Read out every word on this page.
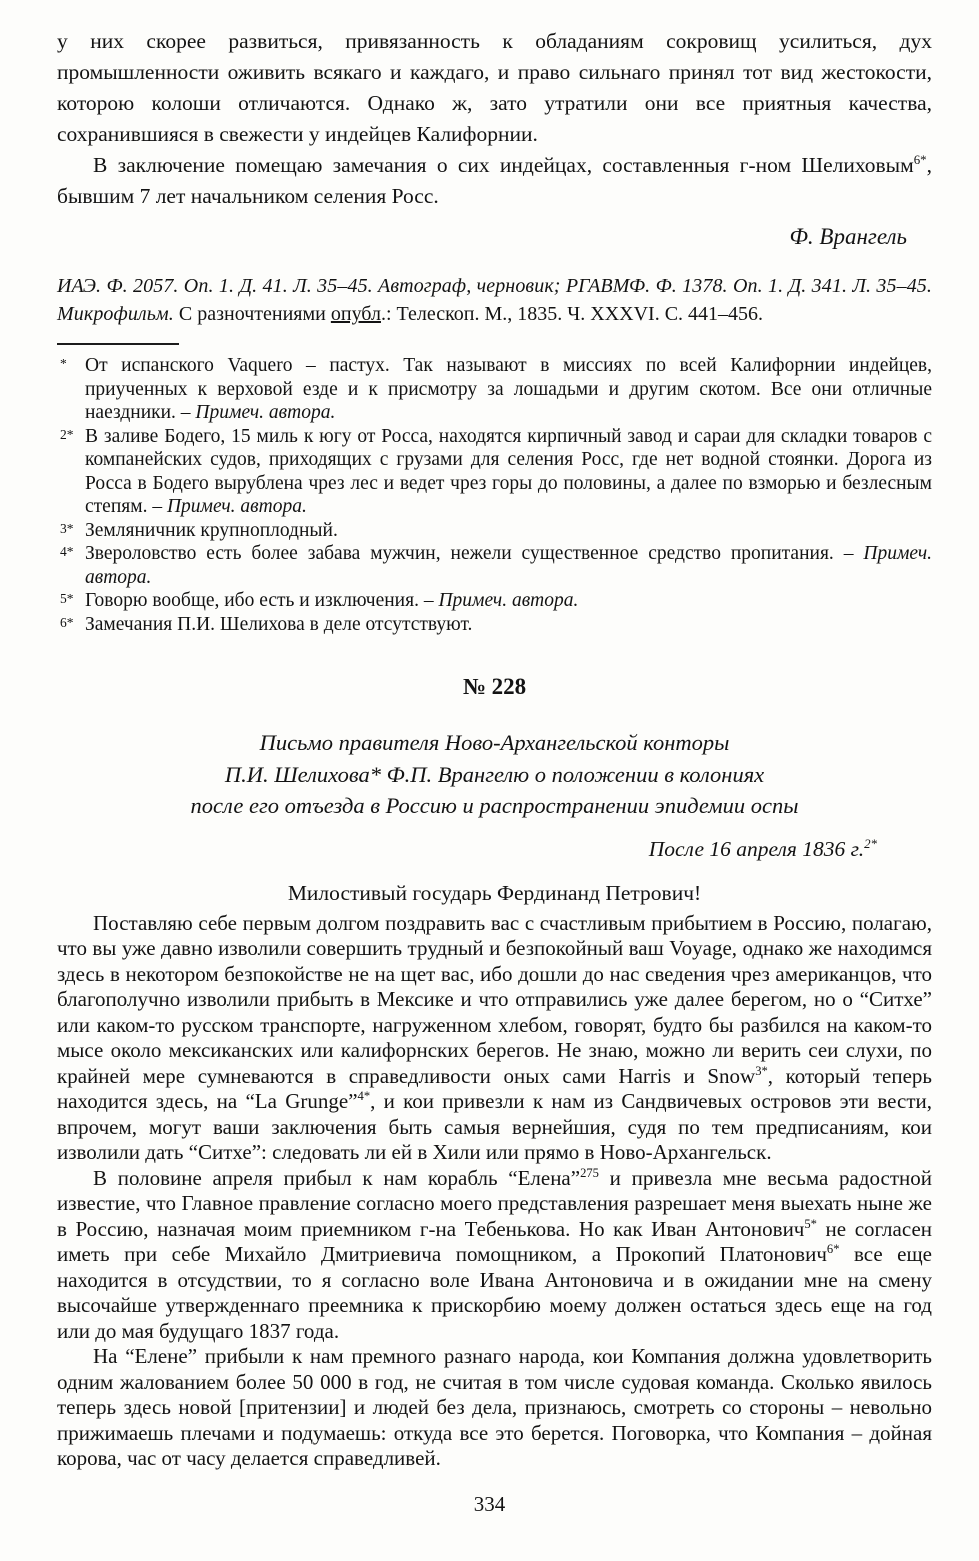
у них скорее развиться, привязанность к обладаниям сокровищ усилиться, дух промышленности оживить всякаго и каждаго, и право сильнаго принял тот вид жестокости, которою колоши отличаются. Однако ж, зато утратили они все приятныя качества, сохранившияся в свежести у индейцев Калифорнии.

В заключение помещаю замечания о сих индейцах, составленныя г-ном Шелиховым$^{6*}$, бывшим 7 лет начальником селения Росс.

Ф. Врангель
ИАЭ. Ф. 2057. Оп. 1. Д. 41. Л. 35–45. Автограф, черновик; РГАВМФ. Ф. 1378. Оп. 1. Д. 341. Л. 35–45. Микрофильм. С разночтениями опубл.: Телескоп. М., 1835. Ч. XXXVI. С. 441–456.
* От испанского Vaquero – пастух. Так называют в миссиях по всей Калифорнии индейцев, приученных к верховой езде и к присмотру за лошадьми и другим скотом. Все они отличные наездники. – Примеч. автора.
2* В заливе Бодего, 15 миль к югу от Росса, находятся кирпичный завод и сараи для складки товаров с компанейских судов, приходящих с грузами для селения Росс, где нет водной стоянки. Дорога из Росса в Бодего вырублена чрез лес и ведет чрез горы до половины, а далее по взморью и безлесным степям. – Примеч. автора.
3* Земляничник крупноплодный.
4* Звероловство есть более забава мужчин, нежели существенное средство пропитания. – Примеч. автора.
5* Говорю вообще, ибо есть и изключения. – Примеч. автора.
6* Замечания П.И. Шелихова в деле отсутствуют.
№ 228
Письмо правителя Ново-Архангельской конторы
П.И. Шелихова* Ф.П. Врангелю о положении в колониях
после его отъезда в Россию и распространении эпидемии оспы
После 16 апреля 1836 г.$^{2*}$
Милостивый государь Фердинанд Петрович!

Поставляю себе первым долгом поздравить вас с счастливым прибытием в Россию, полагаю, что вы уже давно изволили совершить трудный и безпокойный ваш Voyage, однако же находимся здесь в некотором безпокойстве не на щет вас, ибо дошли до нас сведения чрез американцов, что благополучно изволили прибыть в Мексике и что отправились уже далее берегом, но о “Ситхе” или каком-то русском транспорте, нагруженном хлебом, говорят, будто бы разбился на каком-то мысе около мексиканских или калифорнских берегов. Не знаю, можно ли верить сеи слухи, по крайней мере сумневаются в справедливости оных сами Harris и Snow$^{3*}$, который теперь находится здесь, на “La Grunge”$^{4*}$, и кои привезли к нам из Сандвичевых островов эти вести, впрочем, могут ваши заключения быть самыя вернейшия, судя по тем предписаниям, кои изволили дать “Ситхе”: следовать ли ей в Хили или прямо в Ново-Архангельск.

В половине апреля прибыл к нам корабль “Елена”$^{275}$ и привезла мне весьма радостной известие, что Главное правление согласно моего представления разрешает меня выехать ныне же в Россию, назначая моим приемником г-на Тебенькова. Но как Иван Антонович$^{5*}$ не согласен иметь при себе Михайло Дмитриевича помощником, а Прокопий Платонович$^{6*}$ все еще находится в отсудствии, то я согласно воле Ивана Антоновича и в ожидании мне на смену высочайше утвержденнаго преемника к прискорбию моему должен остаться здесь еще на год или до мая будущаго 1837 года.

На “Елене” прибыли к нам премного разнаго народа, кои Компания должна удовлетворить одним жалованием более 50 000 в год, не считая в том числе судовая команда. Сколько явилось теперь здесь новой [притензии] и людей без дела, признаюсь, смотреть со стороны – невольно прижимаешь плечами и подумаешь: откуда все это берется. Поговорка, что Компания – дойная корова, час от часу делается справедливей.

334
